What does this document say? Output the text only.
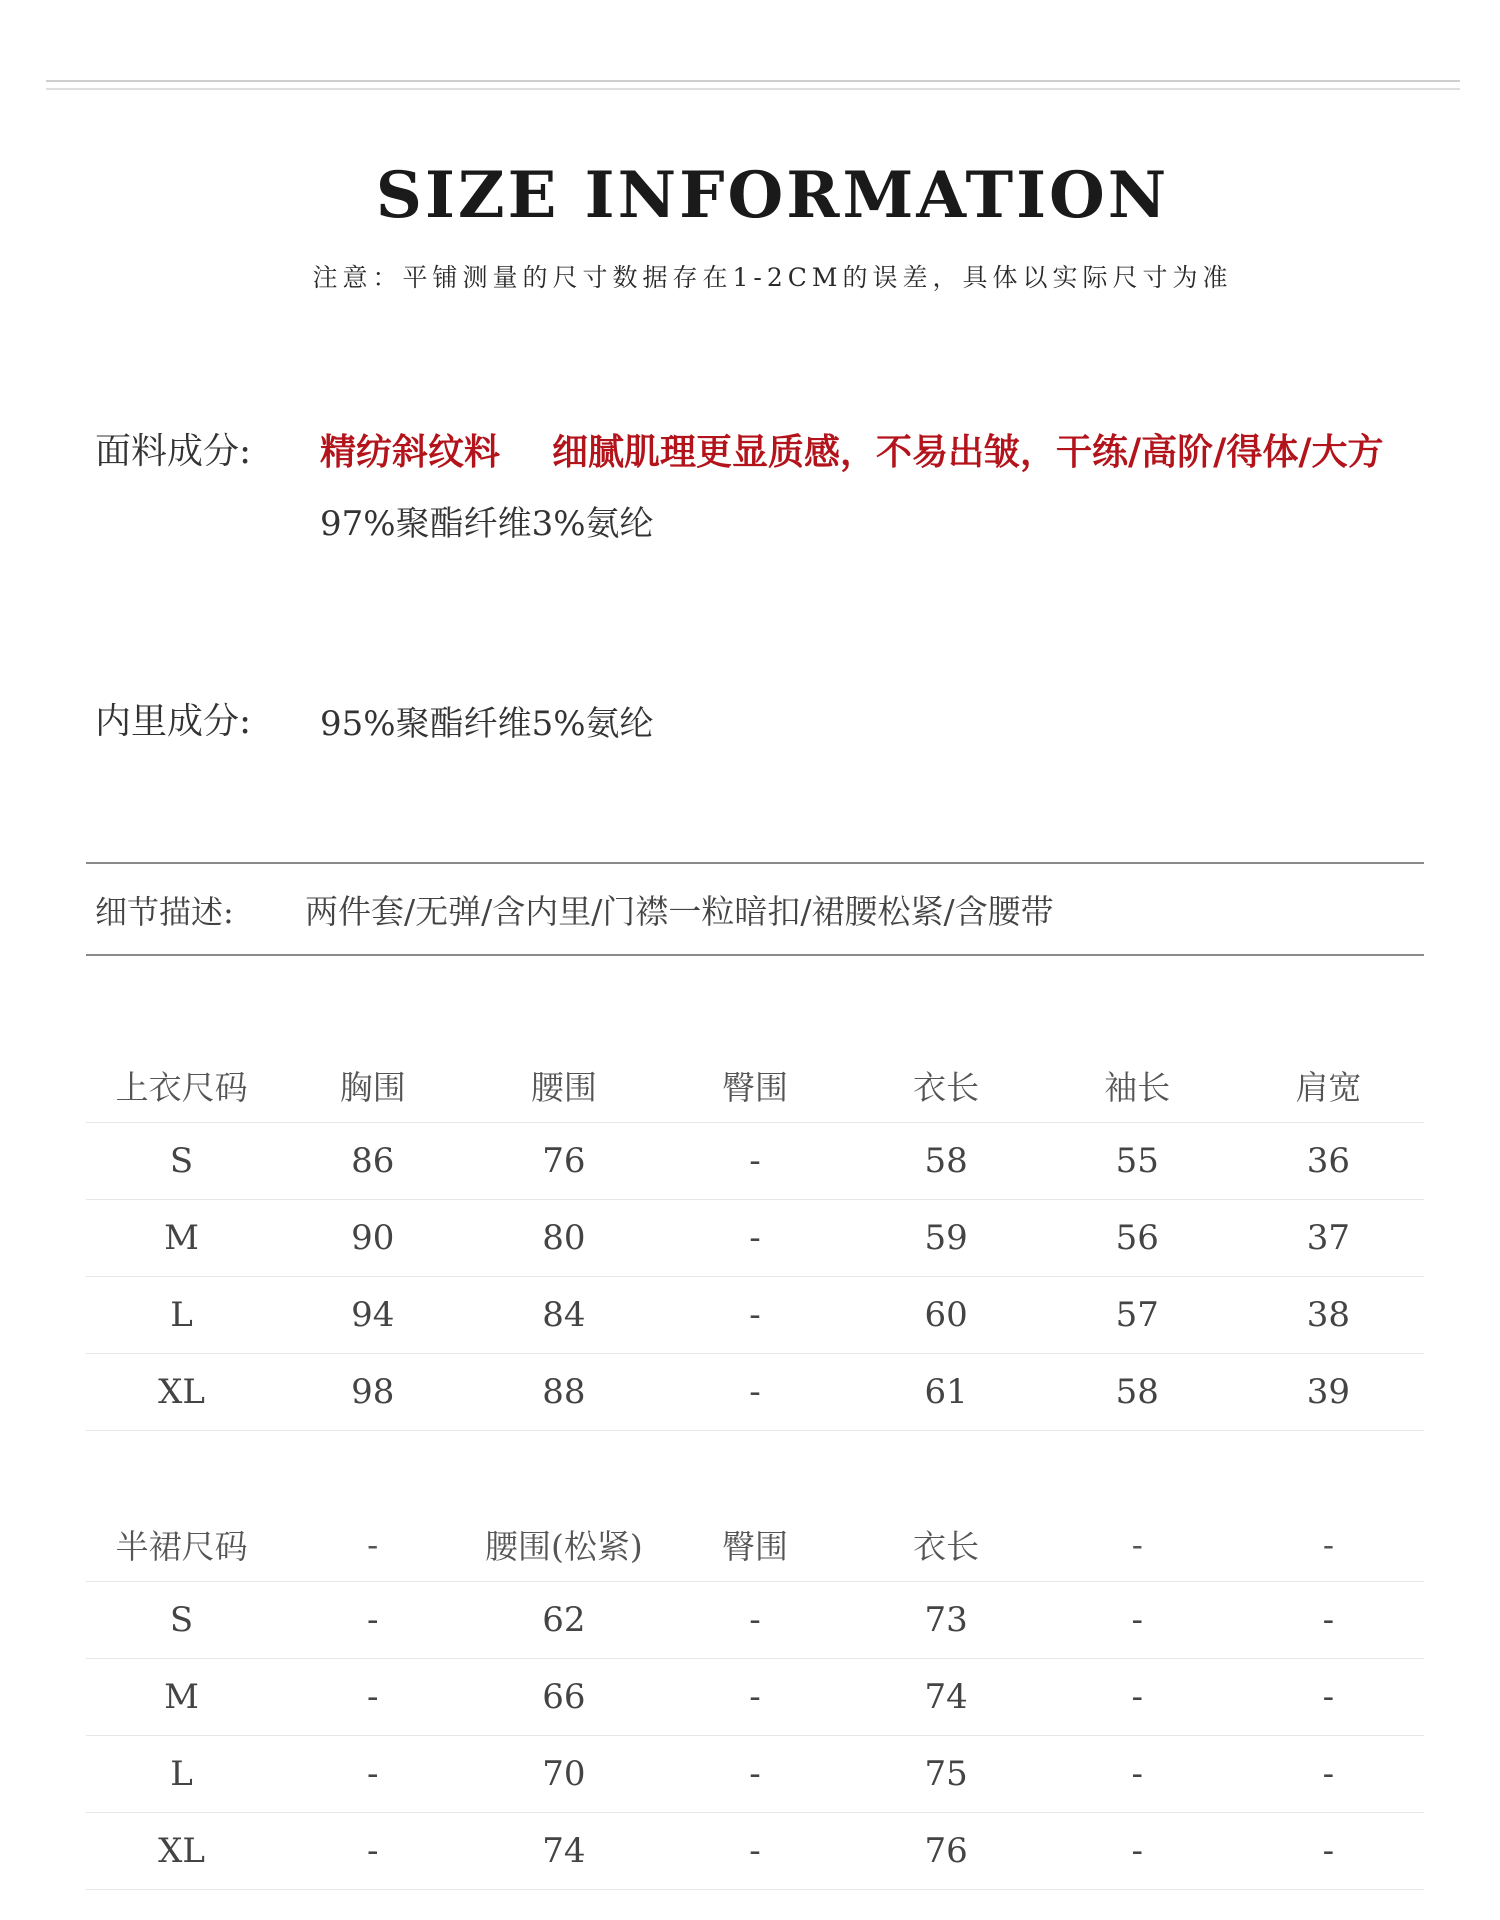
SIZE INFORMATION
注意：平铺测量的尺寸数据存在1-2CM的误差，具体以实际尺寸为准
面料成分: 精纺斜纹料 细腻肌理更显质感，不易出皱，干练/高阶/得体/大方
97%聚酯纤维3%氨纶
内里成分: 95%聚酯纤维5%氨纶
细节描述: 两件套/无弹/含内里/门襟一粒暗扣/裙腰松紧/含腰带
上衣尺码	胸围	腰围	臀围	衣长	袖长	肩宽
S	86	76	-	58	55	36
M	90	80	-	59	56	37
L	94	84	-	60	57	38
XL	98	88	-	61	58	39
半裙尺码	-	腰围(松紧)	臀围	衣长	-	-
S	-	62	-	73	-	-
M	-	66	-	74	-	-
L	-	70	-	75	-	-
XL	-	74	-	76	-	-
